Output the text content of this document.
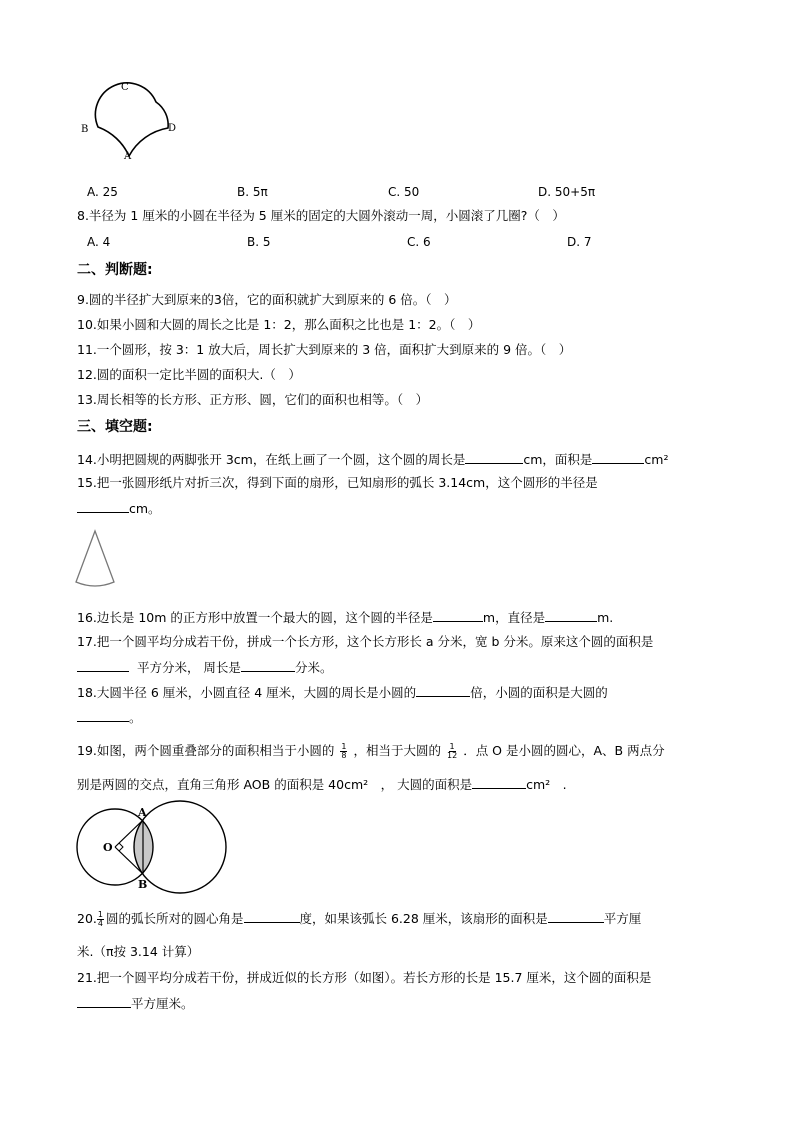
C
B	D
A
A. 25	B. 5π	C. 50	D. 50+5π
8.半径为 1 厘米的小圆在半径为 5 厘米的固定的大圆外滚动一周，小圆滚了几圈?（　）
A. 4	B. 5	C. 6	D. 7
二、判断题:
9.圆的半径扩大到原来的3倍，它的面积就扩大到原来的 6 倍。（　）
10.如果小圆和大圆的周长之比是 1：2，那么面积之比也是 1：2。（　）
11.一个圆形，按 3：1 放大后，周长扩大到原来的 3 倍，面积扩大到原来的 9 倍。（　）
12.圆的面积一定比半圆的面积大.（　）
13.周长相等的长方形、正方形、圆，它们的面积也相等。（　）
三、填空题:
14.小明把圆规的两脚张开 3cm，在纸上画了一个圆，这个圆的周长是	cm，面积是	cm²
15.把一张圆形纸片对折三次，得到下面的扇形，已知扇形的弧长 3.14cm，这个圆形的半径是
cm。
16.边长是 10m 的正方形中放置一个最大的圆，这个圆的半径是	m，直径是	m.
17.把一个圆平均分成若干份，拼成一个长方形，这个长方形长 a 分米，宽 b 分米。原来这个圆的面积是
平方分米， 周长是	分米。
18.大圆半径 6 厘米，小圆直径 4 厘米，大圆的周长是小圆的	倍，小圆的面积是大圆的
。
19.如图，两个圆重叠部分的面积相当于小圆的 $\frac{1}{8}$ ，相当于大圆的 $\frac{1}{12}$ ．点 O 是小圆的圆心，A、B 两点分
别是两圆的交点，直角三角形 AOB 的面积是 40cm²　， 大圆的面积是	cm²　.
O
A
B
20. $\frac{1}{4}$ 圆的弧长所对的圆心角是	度，如果该弧长 6.28 厘米，该扇形的面积是	平方厘
米.（π按 3.14 计算）
21.把一个圆平均分成若干份，拼成近似的长方形（如图）。若长方形的长是 15.7 厘米，这个圆的面积是
平方厘米。
